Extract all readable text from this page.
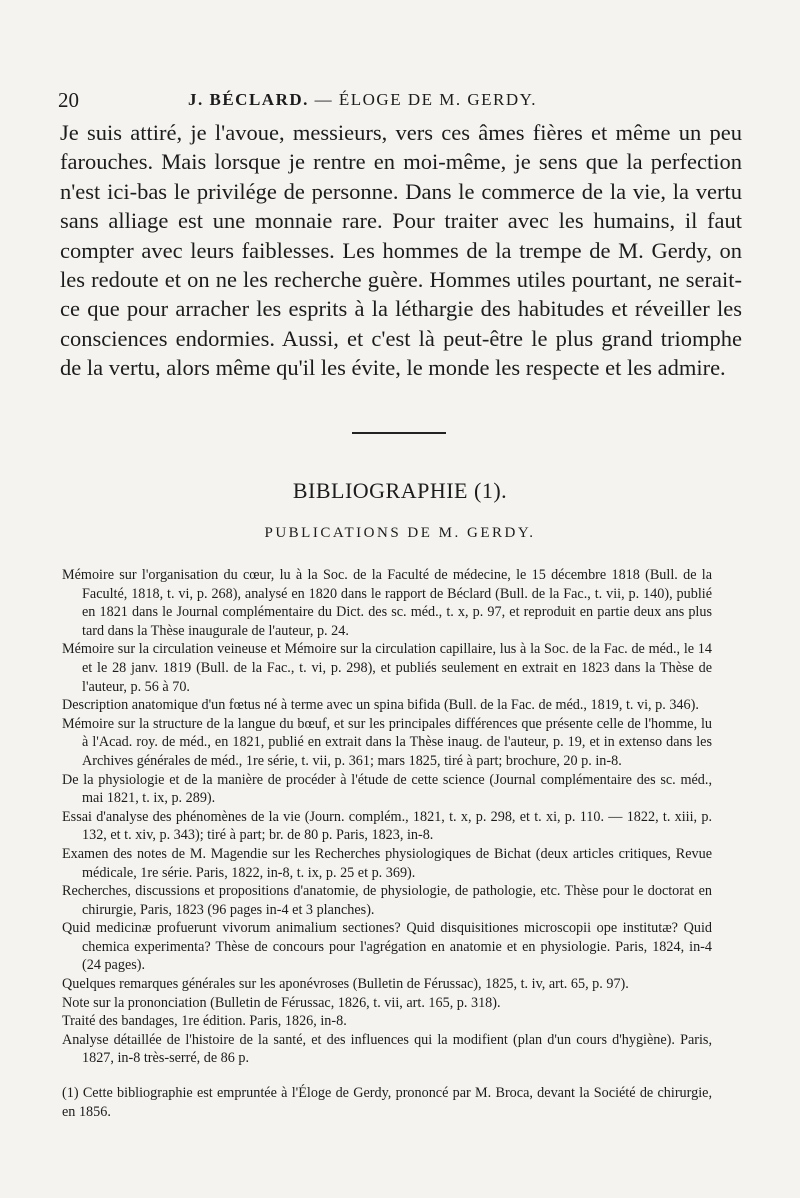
20	J. BÉCLARD. — ÉLOGE DE M. GERDY.

Je suis attiré, je l'avoue, messieurs, vers ces âmes fières et même un peu farouches. Mais lorsque je rentre en moi-même, je sens que la perfection n'est ici-bas le privilége de personne. Dans le commerce de la vie, la vertu sans alliage est une monnaie rare. Pour traiter avec les humains, il faut compter avec leurs faiblesses. Les hommes de la trempe de M. Gerdy, on les redoute et on ne les recherche guère. Hommes utiles pourtant, ne serait-ce que pour arracher les esprits à la léthargie des habitudes et réveiller les consciences endormies. Aussi, et c'est là peut-être le plus grand triomphe de la vertu, alors même qu'il les évite, le monde les respecte et les admire.

BIBLIOGRAPHIE (1).
PUBLICATIONS DE M. GERDY.
Mémoire sur l'organisation du cœur, lu à la Soc. de la Faculté de médecine, le 15 décembre 1818 (Bull. de la Faculté, 1818, t. vi, p. 268), analysé en 1820 dans le rapport de Béclard (Bull. de la Fac., t. vii, p. 140), publié en 1821 dans le Journal complémentaire du Dict. des sc. méd., t. x, p. 97, et reproduit en partie deux ans plus tard dans la Thèse inaugurale de l'auteur, p. 24.
Mémoire sur la circulation veineuse et Mémoire sur la circulation capillaire, lus à la Soc. de la Fac. de méd., le 14 et le 28 janv. 1819 (Bull. de la Fac., t. vi, p. 298), et publiés seulement en extrait en 1823 dans la Thèse de l'auteur, p. 56 à 70.
Description anatomique d'un fœtus né à terme avec un spina bifida (Bull. de la Fac. de méd., 1819, t. vi, p. 346).
Mémoire sur la structure de la langue du bœuf, et sur les principales différences que présente celle de l'homme, lu à l'Acad. roy. de méd., en 1821, publié en extrait dans la Thèse inaug. de l'auteur, p. 19, et in extenso dans les Archives générales de méd., 1re série, t. vii, p. 361; mars 1825, tiré à part; brochure, 20 p. in-8.
De la physiologie et de la manière de procéder à l'étude de cette science (Journal complémentaire des sc. méd., mai 1821, t. ix, p. 289).
Essai d'analyse des phénomènes de la vie (Journ. complém., 1821, t. x, p. 298, et t. xi, p. 110. — 1822, t. xiii, p. 132, et t. xiv, p. 343); tiré à part; br. de 80 p. Paris, 1823, in-8.
Examen des notes de M. Magendie sur les Recherches physiologiques de Bichat (deux articles critiques, Revue médicale, 1re série. Paris, 1822, in-8, t. ix, p. 25 et p. 369).
Recherches, discussions et propositions d'anatomie, de physiologie, de pathologie, etc. Thèse pour le doctorat en chirurgie, Paris, 1823 (96 pages in-4 et 3 planches).
Quid medicinæ profuerunt vivorum animalium sectiones? Quid disquisitiones microscopii ope institutæ? Quid chemica experimenta? Thèse de concours pour l'agrégation en anatomie et en physiologie. Paris, 1824, in-4 (24 pages).
Quelques remarques générales sur les aponévroses (Bulletin de Férussac), 1825, t. iv, art. 65, p. 97).
Note sur la prononciation (Bulletin de Férussac, 1826, t. vii, art. 165, p. 318).
Traité des bandages, 1re édition. Paris, 1826, in-8.
Analyse détaillée de l'histoire de la santé, et des influences qui la modifient (plan d'un cours d'hygiène). Paris, 1827, in-8 très-serré, de 86 p.

(1) Cette bibliographie est empruntée à l'Éloge de Gerdy, prononcé par M. Broca, devant la Société de chirurgie, en 1856.
